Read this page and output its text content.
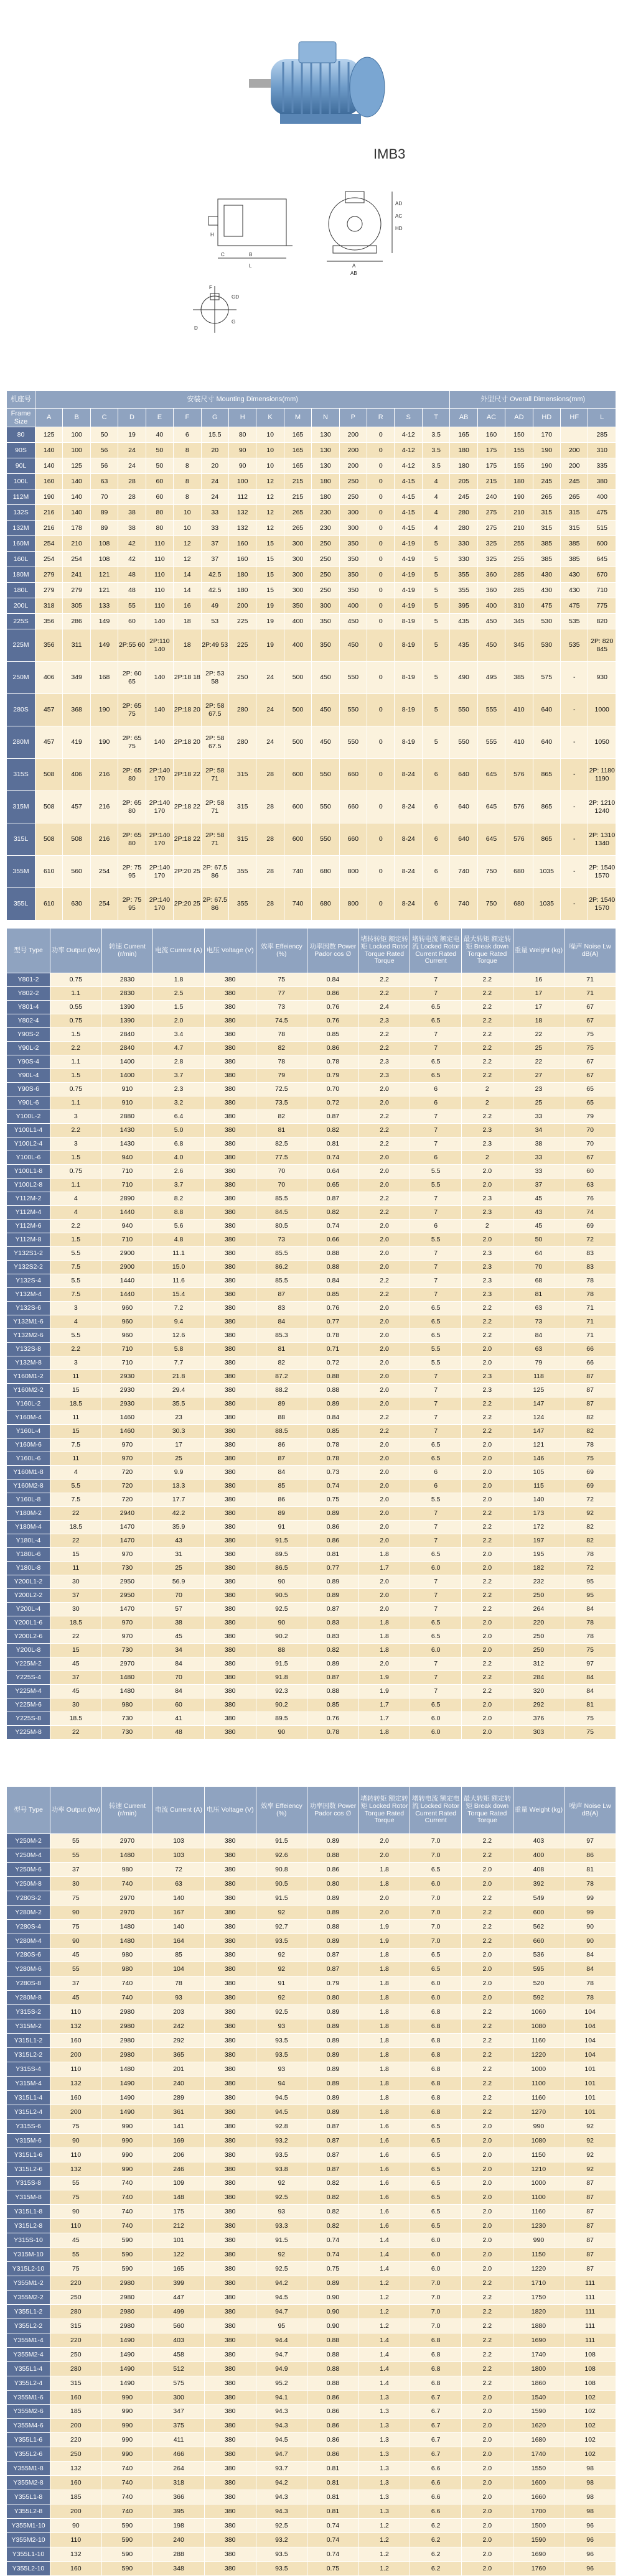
IMB3
H
AD
AC
HD
A
AB
B
C
L
F
GD
G
D
机座号	安装尺寸 Mounting Dimensions(mm)															外型尺寸 Overall Dimensions(mm)					
Frame Size	A	B	C	D	E	F	G	H	K	M	N	P	R	S	T	AB	AC	AD	HD	HF	L
80	125	100	50	19	40	6	15.5	80	10	165	130	200	0	4-12	3.5	165	160	150	170		285
90S	140	100	56	24	50	8	20	90	10	165	130	200	0	4-12	3.5	180	175	155	190	200	310
90L	140	125	56	24	50	8	20	90	10	165	130	200	0	4-12	3.5	180	175	155	190	200	335
100L	160	140	63	28	60	8	24	100	12	215	180	250	0	4-15	4	205	215	180	245	245	380
112M	190	140	70	28	60	8	24	112	12	215	180	250	0	4-15	4	245	240	190	265	265	400
132S	216	140	89	38	80	10	33	132	12	265	230	300	0	4-15	4	280	275	210	315	315	475
132M	216	178	89	38	80	10	33	132	12	265	230	300	0	4-15	4	280	275	210	315	315	515
160M	254	210	108	42	110	12	37	160	15	300	250	350	0	4-19	5	330	325	255	385	385	600
160L	254	254	108	42	110	12	37	160	15	300	250	350	0	4-19	5	330	325	255	385	385	645
180M	279	241	121	48	110	14	42.5	180	15	300	250	350	0	4-19	5	355	360	285	430	430	670
180L	279	279	121	48	110	14	42.5	180	15	300	250	350	0	4-19	5	355	360	285	430	430	710
200L	318	305	133	55	110	16	49	200	19	350	300	400	0	4-19	5	395	400	310	475	475	775
225S	356	286	149	60	140	18	53	225	19	400	350	450	0	8-19	5	435	450	345	530	535	820
225M	356	311	149	2P:55 60	2P:110 140	18	2P:49 53	225	19	400	350	450	0	8-19	5	435	450	345	530	535	2P: 820 845
250M	406	349	168	2P: 60 65	140	2P:18 18	2P: 53 58	250	24	500	450	550	0	8-19	5	490	495	385	575	-	930
280S	457	368	190	2P: 65 75	140	2P:18 20	2P: 58 67.5	280	24	500	450	550	0	8-19	5	550	555	410	640	-	1000
280M	457	419	190	2P: 65 75	140	2P:18 20	2P: 58 67.5	280	24	500	450	550	0	8-19	5	550	555	410	640	-	1050
315S	508	406	216	2P: 65 80	2P:140 170	2P:18 22	2P: 58 71	315	28	600	550	660	0	8-24	6	640	645	576	865	-	2P: 1180 1190
315M	508	457	216	2P: 65 80	2P:140 170	2P:18 22	2P: 58 71	315	28	600	550	660	0	8-24	6	640	645	576	865	-	2P: 1210 1240
315L	508	508	216	2P: 65 80	2P:140 170	2P:18 22	2P: 58 71	315	28	600	550	660	0	8-24	6	640	645	576	865	-	2P: 1310 1340
355M	610	560	254	2P: 75 95	2P:140 170	2P:20 25	2P: 67.5 86	355	28	740	680	800	0	8-24	6	740	750	680	1035	-	2P: 1540 1570
355L	610	630	254	2P: 75 95	2P:140 170	2P:20 25	2P: 67.5 86	355	28	740	680	800	0	8-24	6	740	750	680	1035	-	2P: 1540 1570
型号 Type	功率 Output (kw)	转速 Current (r/min)	电流 Current (A)	电压 Voltage (V)	效率 Effeiency (%)	功率因数 Power Pador cos ∅	堵转转矩 额定转矩 Locked Rotor Torque Rated Torque	堵转电流 额定电流 Locked Rotor Current Rated Current	最大转矩 额定转矩 Break down Torque Rated Torque	重量 Weight (kg)	噪声 Noise Lw dB(A)
Y801-2	0.75	2830	1.8	380	75	0.84	2.2	7	2.2	16	71
Y802-2	1.1	2830	2.5	380	77	0.86	2.2	7	2.2	17	71
Y801-4	0.55	1390	1.5	380	73	0.76	2.4	6.5	2.2	17	67
Y802-4	0.75	1390	2.0	380	74.5	0.76	2.3	6.5	2.2	18	67
Y90S-2	1.5	2840	3.4	380	78	0.85	2.2	7	2.2	22	75
Y90L-2	2.2	2840	4.7	380	82	0.86	2.2	7	2.2	25	75
Y90S-4	1.1	1400	2.8	380	78	0.78	2.3	6.5	2.2	22	67
Y90L-4	1.5	1400	3.7	380	79	0.79	2.3	6.5	2.2	27	67
Y90S-6	0.75	910	2.3	380	72.5	0.70	2.0	6	2	23	65
Y90L-6	1.1	910	3.2	380	73.5	0.72	2.0	6	2	25	65
Y100L-2	3	2880	6.4	380	82	0.87	2.2	7	2.2	33	79
Y100L1-4	2.2	1430	5.0	380	81	0.82	2.2	7	2.3	34	70
Y100L2-4	3	1430	6.8	380	82.5	0.81	2.2	7	2.3	38	70
Y100L-6	1.5	940	4.0	380	77.5	0.74	2.0	6	2	33	67
Y100L1-8	0.75	710	2.6	380	70	0.64	2.0	5.5	2.0	33	60
Y100L2-8	1.1	710	3.7	380	70	0.65	2.0	5.5	2.0	37	63
Y112M-2	4	2890	8.2	380	85.5	0.87	2.2	7	2.3	45	76
Y112M-4	4	1440	8.8	380	84.5	0.82	2.2	7	2.3	43	74
Y112M-6	2.2	940	5.6	380	80.5	0.74	2.0	6	2	45	69
Y112M-8	1.5	710	4.8	380	73	0.66	2.0	5.5	2.0	50	72
Y132S1-2	5.5	2900	11.1	380	85.5	0.88	2.0	7	2.3	64	83
Y132S2-2	7.5	2900	15.0	380	86.2	0.88	2.0	7	2.3	70	83
Y132S-4	5.5	1440	11.6	380	85.5	0.84	2.2	7	2.3	68	78
Y132M-4	7.5	1440	15.4	380	87	0.85	2.2	7	2.3	81	78
Y132S-6	3	960	7.2	380	83	0.76	2.0	6.5	2.2	63	71
Y132M1-6	4	960	9.4	380	84	0.77	2.0	6.5	2.2	73	71
Y132M2-6	5.5	960	12.6	380	85.3	0.78	2.0	6.5	2.2	84	71
Y132S-8	2.2	710	5.8	380	81	0.71	2.0	5.5	2.0	63	66
Y132M-8	3	710	7.7	380	82	0.72	2.0	5.5	2.0	79	66
Y160M1-2	11	2930	21.8	380	87.2	0.88	2.0	7	2.3	118	87
Y160M2-2	15	2930	29.4	380	88.2	0.88	2.0	7	2.3	125	87
Y160L-2	18.5	2930	35.5	380	89	0.89	2.0	7	2.2	147	87
Y160M-4	11	1460	23	380	88	0.84	2.2	7	2.2	124	82
Y160L-4	15	1460	30.3	380	88.5	0.85	2.2	7	2.2	147	82
Y160M-6	7.5	970	17	380	86	0.78	2.0	6.5	2.0	121	78
Y160L-6	11	970	25	380	87	0.78	2.0	6.5	2.0	146	75
Y160M1-8	4	720	9.9	380	84	0.73	2.0	6	2.0	105	69
Y160M2-8	5.5	720	13.3	380	85	0.74	2.0	6	2.0	115	69
Y160L-8	7.5	720	17.7	380	86	0.75	2.0	5.5	2.0	140	72
Y180M-2	22	2940	42.2	380	89	0.89	2.0	7	2.2	173	92
Y180M-4	18.5	1470	35.9	380	91	0.86	2.0	7	2.2	172	82
Y180L-4	22	1470	43	380	91.5	0.86	2.0	7	2.2	197	82
Y180L-6	15	970	31	380	89.5	0.81	1.8	6.5	2.0	195	78
Y180L-8	11	730	25	380	86.5	0.77	1.7	6.0	2.0	182	72
Y200L1-2	30	2950	56.9	380	90	0.89	2.0	7	2.2	232	95
Y200L2-2	37	2950	70	380	90.5	0.89	2.0	7	2.2	250	95
Y200L-4	30	1470	57	380	92.5	0.87	2.0	7	2.2	264	84
Y200L1-6	18.5	970	38	380	90	0.83	1.8	6.5	2.0	220	78
Y200L2-6	22	970	45	380	90.2	0.83	1.8	6.5	2.0	250	78
Y200L-8	15	730	34	380	88	0.82	1.8	6.0	2.0	250	75
Y225M-2	45	2970	84	380	91.5	0.89	2.0	7	2.2	312	97
Y225S-4	37	1480	70	380	91.8	0.87	1.9	7	2.2	284	84
Y225M-4	45	1480	84	380	92.3	0.88	1.9	7	2.2	320	84
Y225M-6	30	980	60	380	90.2	0.85	1.7	6.5	2.0	292	81
Y225S-8	18.5	730	41	380	89.5	0.76	1.7	6.0	2.0	376	75
Y225M-8	22	730	48	380	90	0.78	1.8	6.0	2.0	303	75
型号 Type	功率 Output (kw)	转速 Current (r/min)	电流 Current (A)	电压 Voltage (V)	效率 Effeiency (%)	功率因数 Power Pador cos ∅	堵转转矩 额定转矩 Locked Rotor Torque Rated Torque	堵转电流 额定电流 Locked Rotor Current Rated Current	最大转矩 额定转矩 Break down Torque Rated Torque	重量 Weight (kg)	噪声 Noise Lw dB(A)
Y250M-2	55	2970	103	380	91.5	0.89	2.0	7.0	2.2	403	97
Y250M-4	55	1480	103	380	92.6	0.88	2.0	7.0	2.2	400	86
Y250M-6	37	980	72	380	90.8	0.86	1.8	6.5	2.0	408	81
Y250M-8	30	740	63	380	90.5	0.80	1.8	6.0	2.0	392	78
Y280S-2	75	2970	140	380	91.5	0.89	2.0	7.0	2.2	549	99
Y280M-2	90	2970	167	380	92	0.89	2.0	7.0	2.2	600	99
Y280S-4	75	1480	140	380	92.7	0.88	1.9	7.0	2.2	562	90
Y280M-4	90	1480	164	380	93.5	0.89	1.9	7.0	2.2	660	90
Y280S-6	45	980	85	380	92	0.87	1.8	6.5	2.0	536	84
Y280M-6	55	980	104	380	92	0.87	1.8	6.5	2.0	595	84
Y280S-8	37	740	78	380	91	0.79	1.8	6.0	2.0	520	78
Y280M-8	45	740	93	380	92	0.80	1.8	6.0	2.0	592	78
Y315S-2	110	2980	203	380	92.5	0.89	1.8	6.8	2.2	1060	104
Y315M-2	132	2980	242	380	93	0.89	1.8	6.8	2.2	1080	104
Y315L1-2	160	2980	292	380	93.5	0.89	1.8	6.8	2.2	1160	104
Y315L2-2	200	2980	365	380	93.5	0.89	1.8	6.8	2.2	1220	104
Y315S-4	110	1480	201	380	93	0.89	1.8	6.8	2.2	1000	101
Y315M-4	132	1490	240	380	94	0.89	1.8	6.8	2.2	1100	101
Y315L1-4	160	1490	289	380	94.5	0.89	1.8	6.8	2.2	1160	101
Y315L2-4	200	1490	361	380	94.5	0.89	1.8	6.8	2.2	1270	101
Y315S-6	75	990	141	380	92.8	0.87	1.6	6.5	2.0	990	92
Y315M-6	90	990	169	380	93.2	0.87	1.6	6.5	2.0	1080	92
Y315L1-6	110	990	206	380	93.5	0.87	1.6	6.5	2.0	1150	92
Y315L2-6	132	990	246	380	93.8	0.87	1.6	6.5	2.0	1210	92
Y315S-8	55	740	109	380	92	0.82	1.6	6.5	2.0	1000	87
Y315M-8	75	740	148	380	92.5	0.82	1.6	6.5	2.0	1100	87
Y315L1-8	90	740	175	380	93	0.82	1.6	6.5	2.0	1160	87
Y315L2-8	110	740	212	380	93.3	0.82	1.6	6.5	2.0	1230	87
Y315S-10	45	590	101	380	91.5	0.74	1.4	6.0	2.0	990	87
Y315M-10	55	590	122	380	92	0.74	1.4	6.0	2.0	1150	87
Y315L2-10	75	590	165	380	92.5	0.75	1.4	6.0	2.0	1220	87
Y355M1-2	220	2980	399	380	94.2	0.89	1.2	7.0	2.2	1710	111
Y355M2-2	250	2980	447	380	94.5	0.90	1.2	7.0	2.2	1750	111
Y355L1-2	280	2980	499	380	94.7	0.90	1.2	7.0	2.2	1820	111
Y355L2-2	315	2980	560	380	95	0.90	1.2	7.0	2.2	1880	111
Y355M1-4	220	1490	403	380	94.4	0.88	1.4	6.8	2.2	1690	111
Y355M2-4	250	1490	458	380	94.7	0.88	1.4	6.8	2.2	1740	108
Y355L1-4	280	1490	512	380	94.9	0.88	1.4	6.8	2.2	1800	108
Y355L2-4	315	1490	575	380	95.2	0.88	1.4	6.8	2.2	1860	108
Y355M1-6	160	990	300	380	94.1	0.86	1.3	6.7	2.0	1540	102
Y355M2-6	185	990	347	380	94.3	0.86	1.3	6.7	2.0	1590	102
Y355M4-6	200	990	375	380	94.3	0.86	1.3	6.7	2.0	1620	102
Y355L1-6	220	990	411	380	94.5	0.86	1.3	6.7	2.0	1680	102
Y355L2-6	250	990	466	380	94.7	0.86	1.3	6.7	2.0	1740	102
Y355M1-8	132	740	264	380	93.7	0.81	1.3	6.6	2.0	1550	98
Y355M2-8	160	740	318	380	94.2	0.81	1.3	6.6	2.0	1600	98
Y355L1-8	185	740	366	380	94.3	0.81	1.3	6.6	2.0	1660	98
Y355L2-8	200	740	395	380	94.3	0.81	1.3	6.6	2.0	1700	98
Y355M1-10	90	590	198	380	92.5	0.74	1.2	6.2	2.0	1500	96
Y355M2-10	110	590	240	380	93.2	0.74	1.2	6.2	2.0	1590	96
Y355L1-10	132	590	288	380	93.5	0.74	1.2	6.2	2.0	1690	96
Y355L2-10	160	590	348	380	93.5	0.75	1.2	6.2	2.0	1760	96
